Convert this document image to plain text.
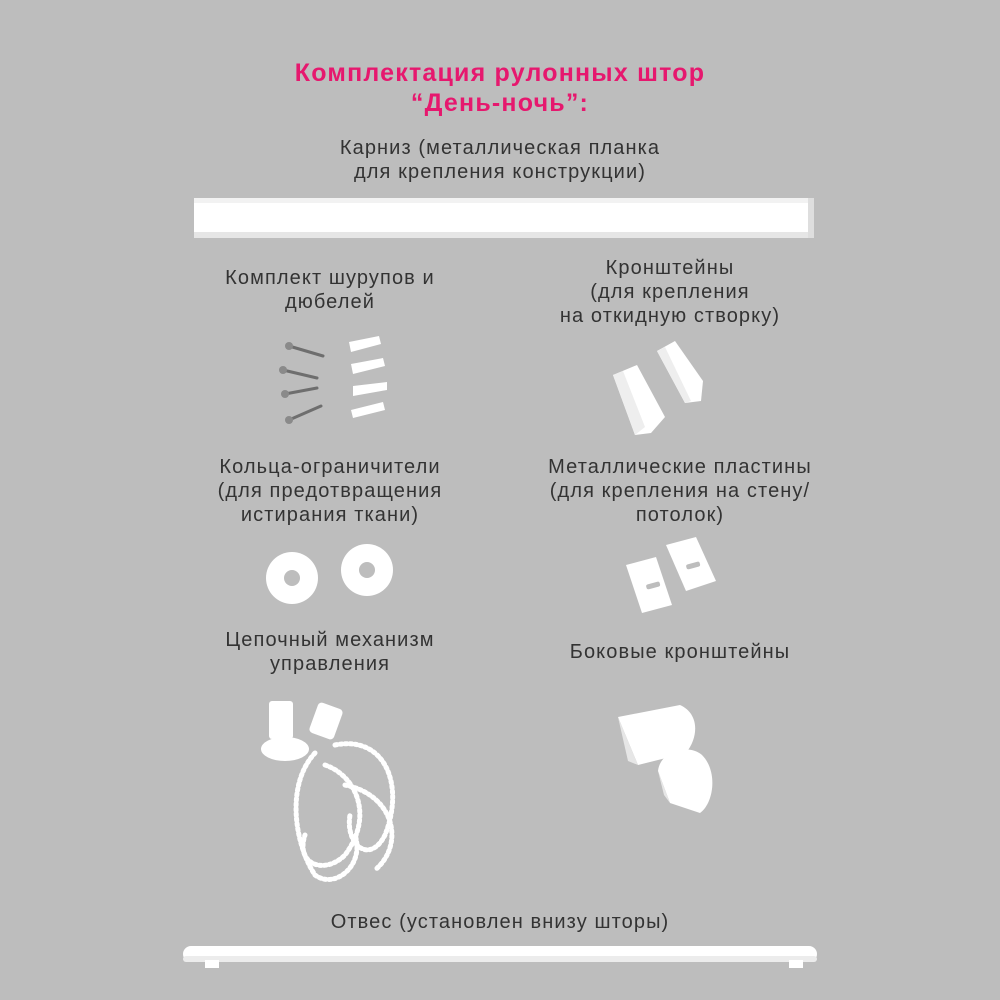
Комплектация рулонных штор
“День-ночь”:
Карниз (металлическая планка
для крепления конструкции)
Комплект шурупов и
дюбелей
Кронштейны
(для крепления
на откидную створку)
Кольца-ограничители
(для предотвращения
истирания ткани)
Металлические пластины
(для крепления на стену/
потолок)
Цепочный механизм
управления
Боковые кронштейны
Отвес (установлен внизу шторы)
